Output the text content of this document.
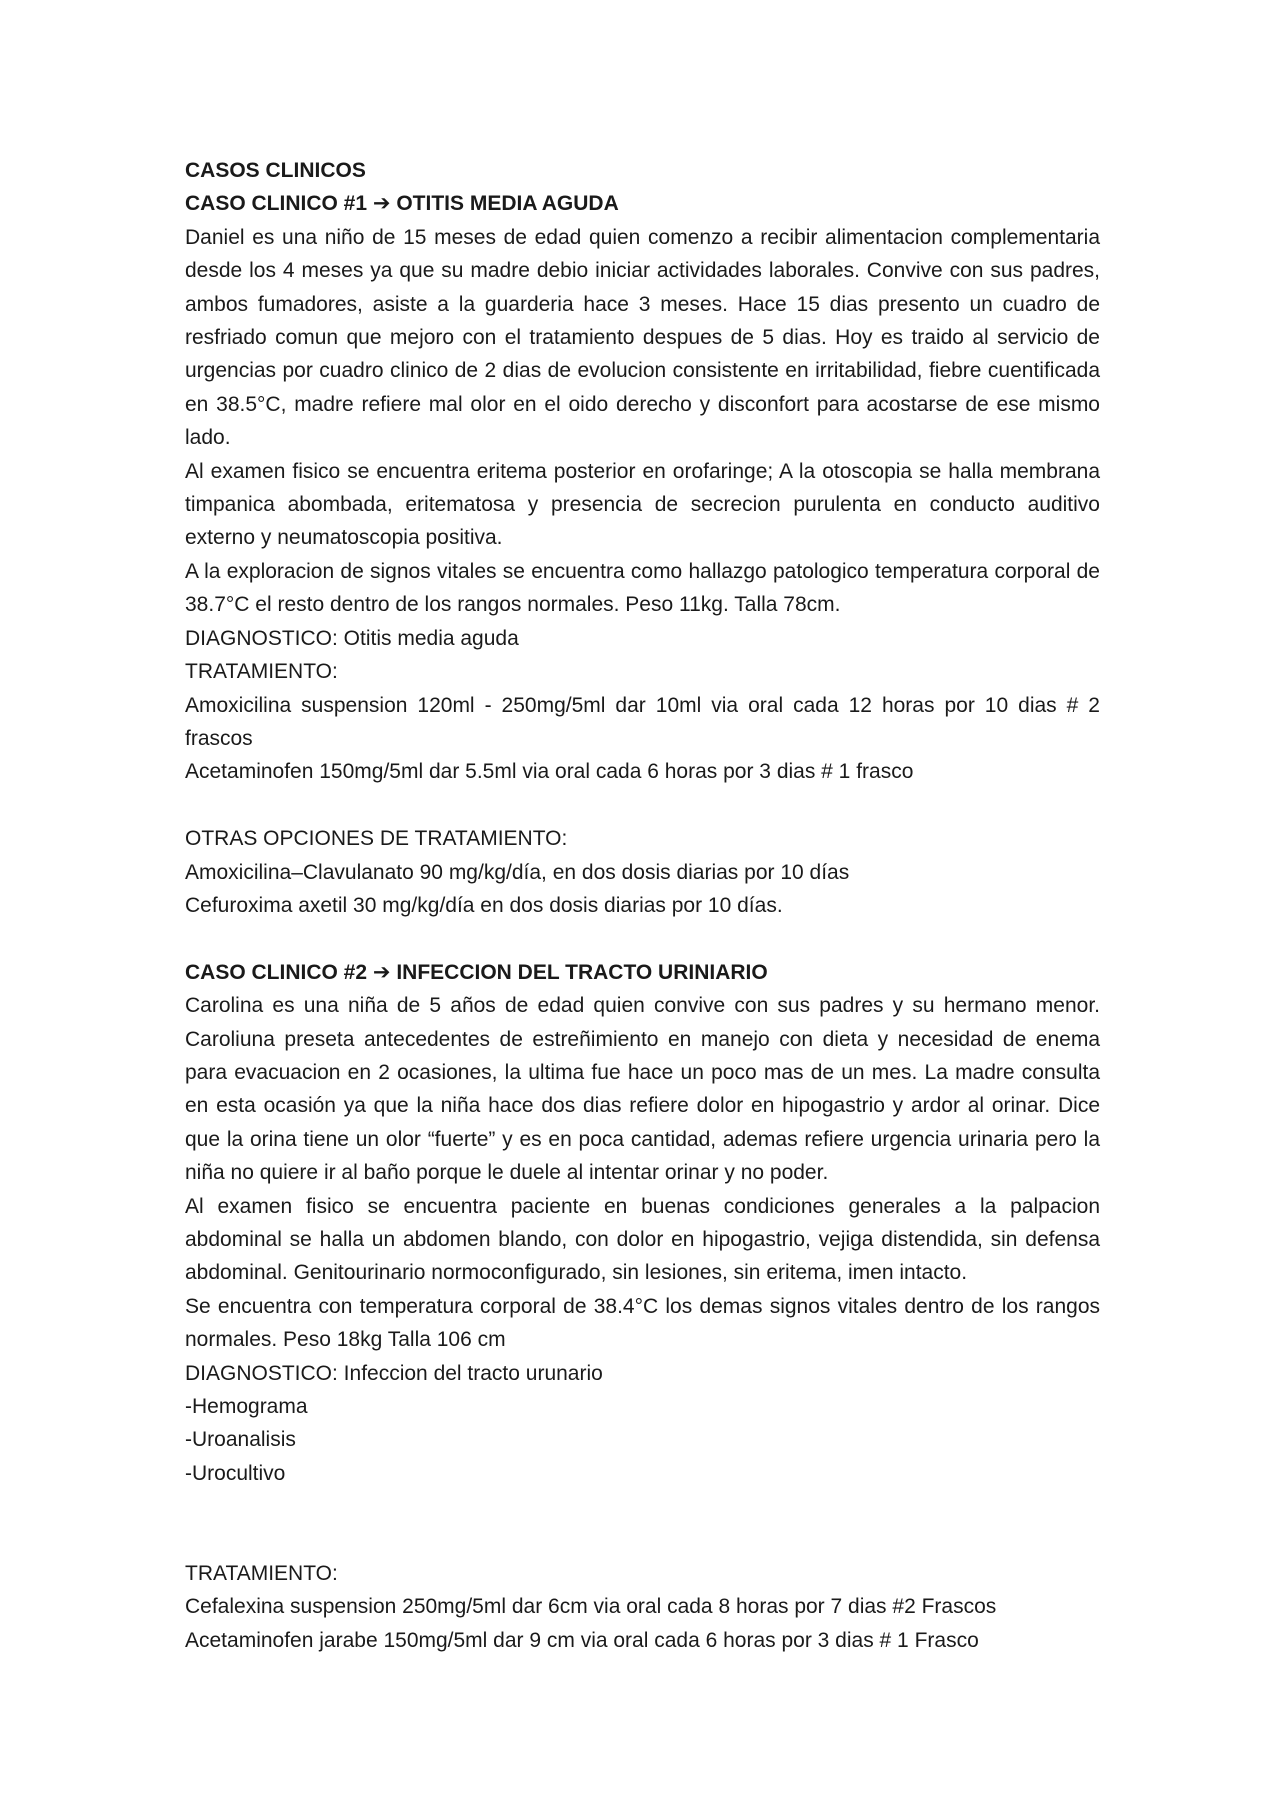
CASOS CLINICOS

CASO CLINICO #1 ➔ OTITIS MEDIA AGUDA

Daniel es una niño de 15 meses de edad quien comenzo a recibir alimentacion complementaria desde los 4 meses ya que su madre debio iniciar actividades laborales. Convive con sus padres, ambos fumadores, asiste a la guarderia hace 3 meses. Hace 15 dias presento un cuadro de resfriado comun que mejoro con el tratamiento despues de 5 dias. Hoy es traido al servicio de urgencias por cuadro clinico de 2 dias de evolucion consistente en irritabilidad, fiebre cuentificada en 38.5°C, madre refiere mal olor en el oido derecho y disconfort para acostarse de ese mismo lado.

Al examen fisico se encuentra eritema posterior en orofaringe; A la otoscopia se halla membrana timpanica abombada, eritematosa y presencia de secrecion purulenta en conducto auditivo externo y neumatoscopia positiva.

A la exploracion de signos vitales se encuentra como hallazgo patologico temperatura corporal de 38.7°C el resto dentro de los rangos normales. Peso 11kg. Talla 78cm.

DIAGNOSTICO: Otitis media aguda

TRATAMIENTO:

Amoxicilina suspension 120ml - 250mg/5ml dar 10ml via oral cada 12 horas por 10 dias # 2 frascos

Acetaminofen 150mg/5ml dar 5.5ml via oral cada 6 horas por 3 dias # 1 frasco

OTRAS OPCIONES DE TRATAMIENTO:

Amoxicilina–Clavulanato 90 mg/kg/día, en dos dosis diarias por 10 días

Cefuroxima axetil 30 mg/kg/día en dos dosis diarias por 10 días.

CASO CLINICO #2 ➔ INFECCION DEL TRACTO URINIARIO

Carolina es una niña de 5 años de edad quien convive con sus padres y su hermano menor. Caroliuna preseta antecedentes de estreñimiento en manejo con dieta y necesidad de enema para evacuacion en 2 ocasiones, la ultima fue hace un poco mas de un mes. La madre consulta en esta ocasión ya que la niña hace dos dias refiere dolor en hipogastrio y ardor al orinar. Dice que la orina tiene un olor “fuerte” y es en poca cantidad, ademas refiere urgencia urinaria pero la niña no quiere ir al baño porque le duele al intentar orinar y no poder.

Al examen fisico se encuentra paciente en buenas condiciones generales a la palpacion abdominal se halla un abdomen blando, con dolor en hipogastrio, vejiga distendida, sin defensa abdominal. Genitourinario normoconfigurado, sin lesiones, sin eritema, imen intacto.

Se encuentra con temperatura corporal de 38.4°C los demas signos vitales dentro de los rangos normales. Peso 18kg Talla 106 cm

DIAGNOSTICO: Infeccion del tracto urunario

-Hemograma

-Uroanalisis

-Urocultivo

TRATAMIENTO:

Cefalexina suspension 250mg/5ml dar 6cm via oral cada 8 horas por 7 dias #2 Frascos

Acetaminofen jarabe 150mg/5ml dar 9 cm via oral cada 6 horas por 3 dias # 1 Frasco
